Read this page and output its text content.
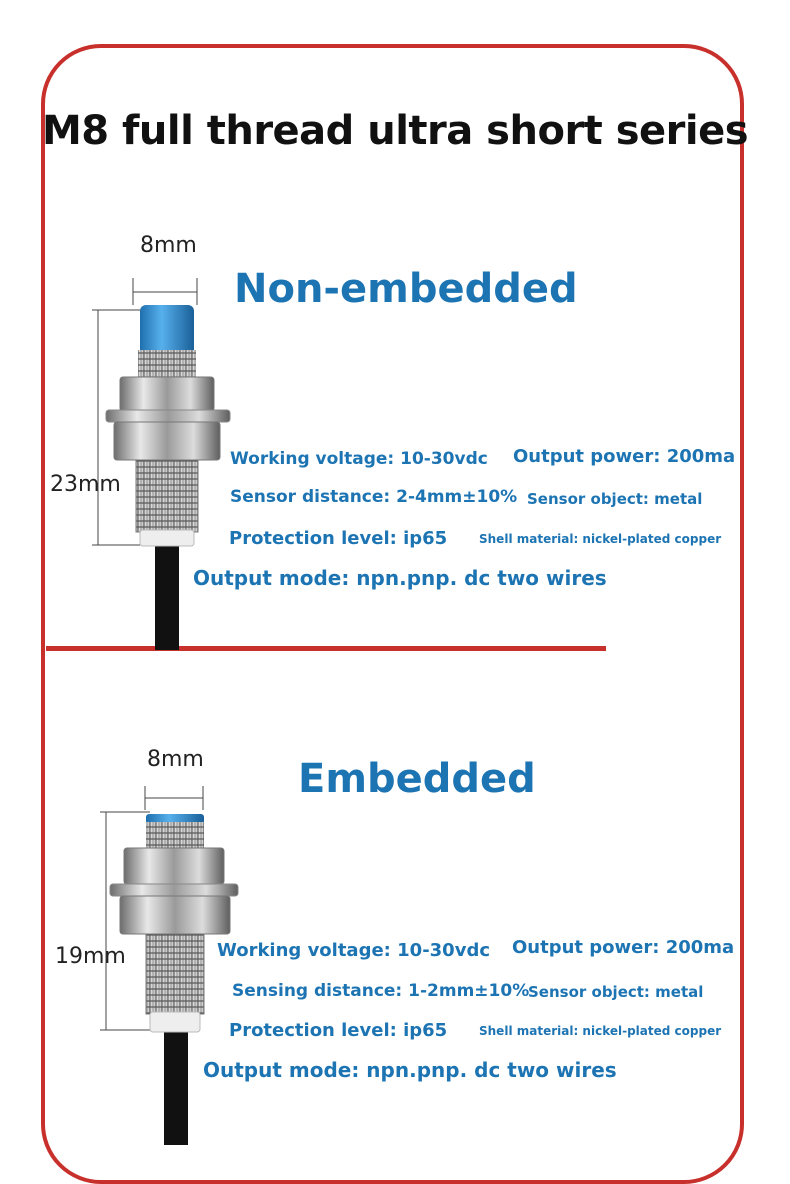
M8 full thread ultra short series
8mm
23mm
Non-embedded
Working voltage: 10-30vdc Output power: 200ma
Sensor distance: 2-4mm±10% Sensor object: metal
Protection level: ip65	Shell material: nickel-plated copper
Output mode: npn.pnp. dc two wires
8mm
19mm
Embedded
Working voltage: 10-30vdc Output power: 200ma
Sensing distance: 1-2mm±10%
Sensor object: metal
Protection level: ip65	Shell material: nickel-plated copper
Output mode: npn.pnp. dc two wires
